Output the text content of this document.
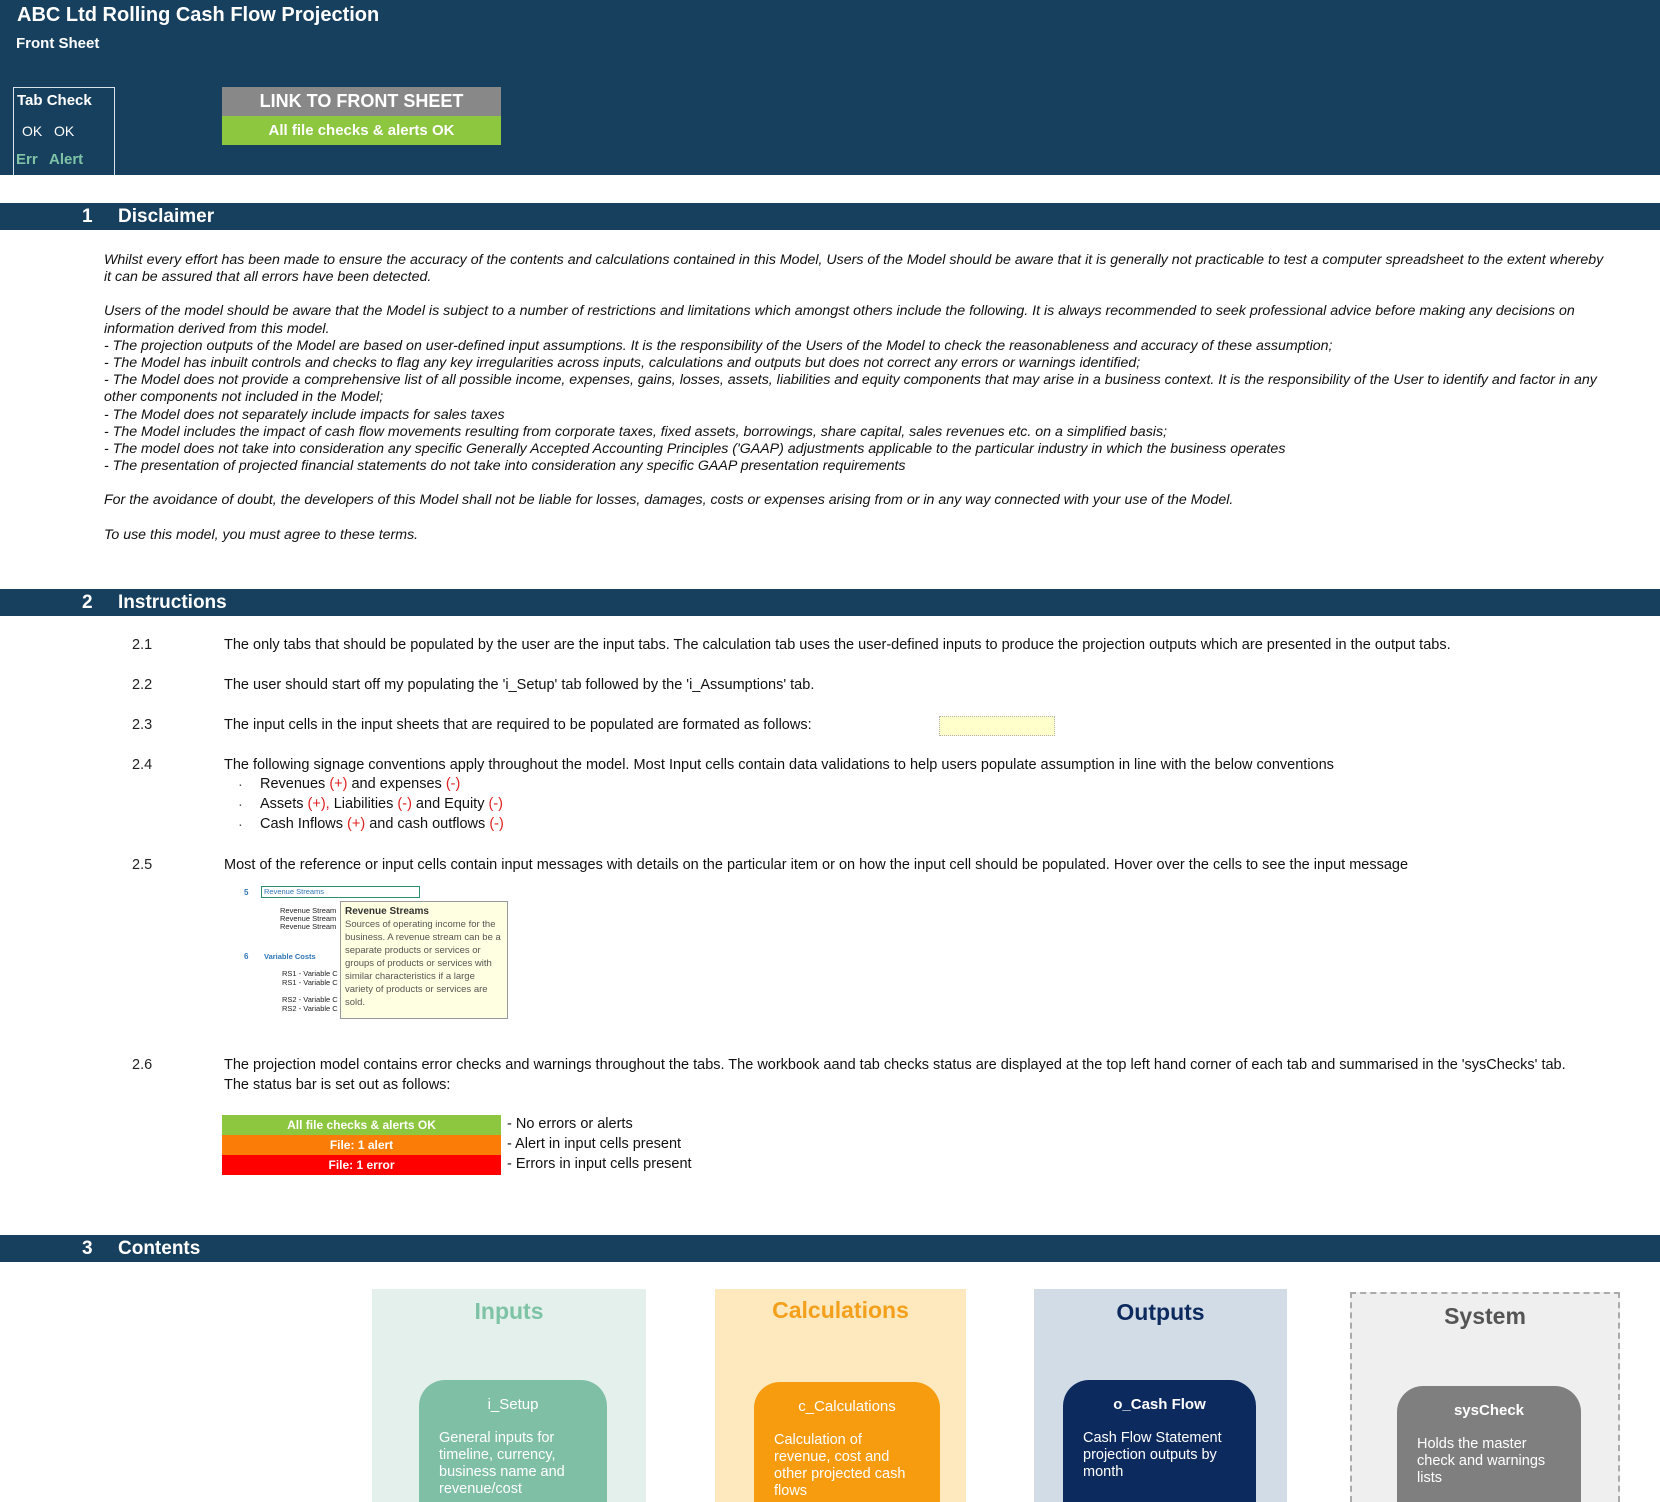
ABC Ltd Rolling Cash Flow Projection
Front Sheet
Tab Check
OK OK
Err Alert
LINK TO FRONT SHEET
All file checks & alerts OK
1 Disclaimer

Whilst every effort has been made to ensure the accuracy of the contents and calculations contained in this Model, Users of the Model should be aware that it is generally not practicable to test a computer spreadsheet to the extent whereby it can be assured that all errors have been detected.

Users of the model should be aware that the Model is subject to a number of restrictions and limitations which amongst others include the following. It is always recommended to seek professional advice before making any decisions on information derived from this model.

- The projection outputs of the Model are based on user-defined input assumptions. It is the responsibility of the Users of the Model to check the reasonableness and accuracy of these assumption;

- The Model has inbuilt controls and checks to flag any key irregularities across inputs, calculations and outputs but does not correct any errors or warnings identified;

- The Model does not provide a comprehensive list of all possible income, expenses, gains, losses, assets, liabilities and equity components that may arise in a business context. It is the responsibility of the User to identify and factor in any other components not included in the Model;

- The Model does not separately include impacts for sales taxes

- The Model includes the impact of cash flow movements resulting from corporate taxes, fixed assets, borrowings, share capital, sales revenues etc. on a simplified basis;

- The model does not take into consideration any specific Generally Accepted Accounting Principles ('GAAP) adjustments applicable to the particular industry in which the business operates

- The presentation of projected financial statements do not take into consideration any specific GAAP presentation requirements

For the avoidance of doubt, the developers of this Model shall not be liable for losses, damages, costs or expenses arising from or in any way connected with your use of the Model.

To use this model, you must agree to these terms.

2 Instructions
2.1	The only tabs that should be populated by the user are the input tabs. The calculation tab uses the user-defined inputs to produce the projection outputs which are presented in the output tabs.
2.2	The user should start off my populating the 'i_Setup' tab followed by the 'i_Assumptions' tab.
2.3	The input cells in the input sheets that are required to be populated are formated as follows:
2.4	The following signage conventions apply throughout the model. Most Input cells contain data validations to help users populate assumption in line with the below conventions
· Revenues (+) and expenses (-)
· Assets (+), Liabilities (-) and Equity (-)
· Cash Inflows (+) and cash outflows (-)
2.5	Most of the reference or input cells contain input messages with details on the particular item or on how the input cell should be populated. Hover over the cells to see the input message
5	Revenue Streams
Revenue Stream
Revenue Stream
Revenue Stream
6 Variable Costs
RS1 - Variable C
RS1 - Variable C
RS2 - Variable C
RS2 - Variable C
Revenue Streams
Sources of operating income for the business. A revenue stream can be a separate products or services or groups of products or services with similar characteristics if a large variety of products or services are sold.
2.6	The projection model contains error checks and warnings throughout the tabs. The workbook aand tab checks status are displayed at the top left hand corner of each tab and summarised in the 'sysChecks' tab.
The status bar is set out as follows:
All file checks & alerts OK	- No errors or alerts
File: 1 alert	- Alert in input cells present
File: 1 error	- Errors in input cells present
3 Contents
Inputs
i_Setup
General inputs for timeline, currency, business name and revenue/cost
Calculations
c_Calculations
Calculation of revenue, cost and other projected cash flows
Outputs
o_Cash Flow
Cash Flow Statement projection outputs by month
System
sysCheck
Holds the master check and warnings lists
